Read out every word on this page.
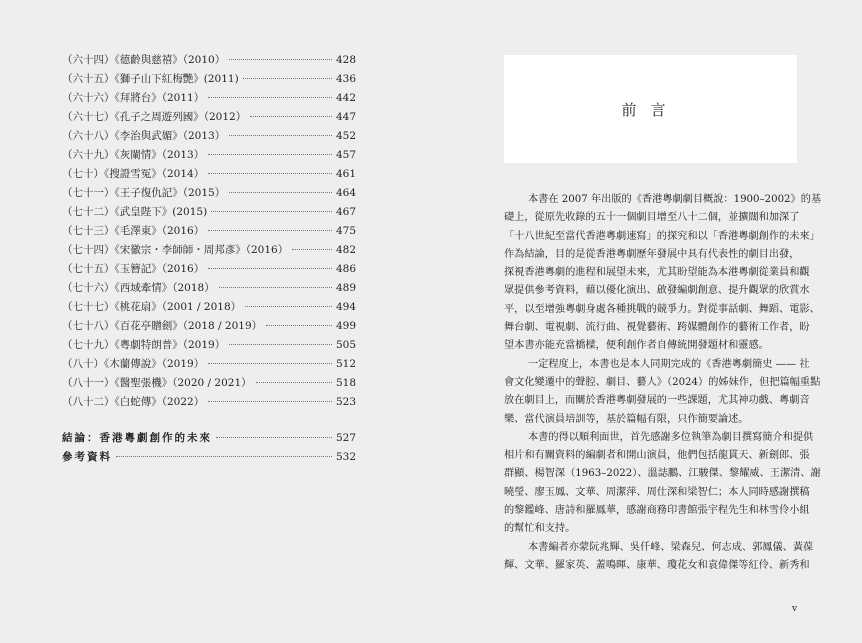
（六十四）《德齡與慈禧》（2010）	428
（六十五）《獅子山下紅梅艷》(2011)	436
（六十六）《拜將台》（2011）	442
（六十七）《孔子之周遊列國》（2012）	447
（六十八）《李治與武媚》（2013）	452
（六十九）《灰闌情》（2013）	457
（七十）《搜證雪冤》（2014）	461
（七十一）《王子復仇記》（2015）	464
（七十二）《武皇陛下》(2015)	467
（七十三）《毛澤東》（2016）	475
（七十四）《宋徽宗・李師師・周邦彥》（2016）	482
（七十五）《玉簪記》（2016）	486
（七十六）《西域牽情》（2018）	489
（七十七）《桃花扇》（2001 / 2018）	494
（七十八）《百花亭贈劍》（2018 / 2019）	499
（七十九）《粵劇特朗普》（2019）	505
（八十）《木蘭傳說》（2019）	512
（八十一）《醫聖張機》（2020 / 2021）	518
（八十二）《白蛇傳》（2022）	523
結論：香港粵劇創作的未來	527
參考資料	532
前言
本書在 2007 年出版的《香港粵劇劇目概說：1900–2002》的基
礎上，從原先收錄的五十一個劇目增至八十二個，並擴闊和加深了
「十八世紀至當代香港粵劇速寫」的探究和以「香港粵劇創作的未來」
作為結論，目的是從香港粵劇歷年發展中具有代表性的劇目出發，
探視香港粵劇的進程和展望未來，尤其盼望能為本港粵劇從業員和觀
眾提供參考資料，藉以優化演出、啟發編劇創意、提升觀眾的欣賞水
平，以至增強粵劇身處各種挑戰的競爭力。對從事話劇、舞蹈、電影、
舞台劇、電視劇、流行曲、視覺藝術、跨媒體創作的藝術工作者，盼
望本書亦能充當橋樑，便利創作者自傳統開發題材和靈感。
一定程度上，本書也是本人同期完成的《香港粵劇簡史 —— 社
會文化變遷中的聲腔、劇目、藝人》（2024）的姊妹作，但把篇幅重點
放在劇目上，而關於香港粵劇發展的一些課題，尤其神功戲、粵劇音
樂、當代演員培訓等，基於篇幅有限，只作簡要論述。
本書的得以順利面世，首先感謝多位執筆為劇目撰寫簡介和提供
相片和有關資料的編劇者和開山演員，他們包括龍貫天、新劍郎、張
群顯、楊智深（1963–2022）、溫誌鵬、江駿傑、黎耀威、王潔清、謝
曉瑩、廖玉鳳、文華、周潔萍、周仕深和梁智仁；本人同時感謝撰稿
的黎鑑峰、唐詩和羅鳳華，感謝商務印書館張宇程先生和林雪伶小組
的幫忙和支持。
本書編者亦蒙阮兆輝、吳仟峰、梁森兒、何志成、郭鳳儀、黃葆
輝、文華、羅家英、蓋鳴暉、康華、瓊花女和袁偉傑等紅伶、新秀和
v
